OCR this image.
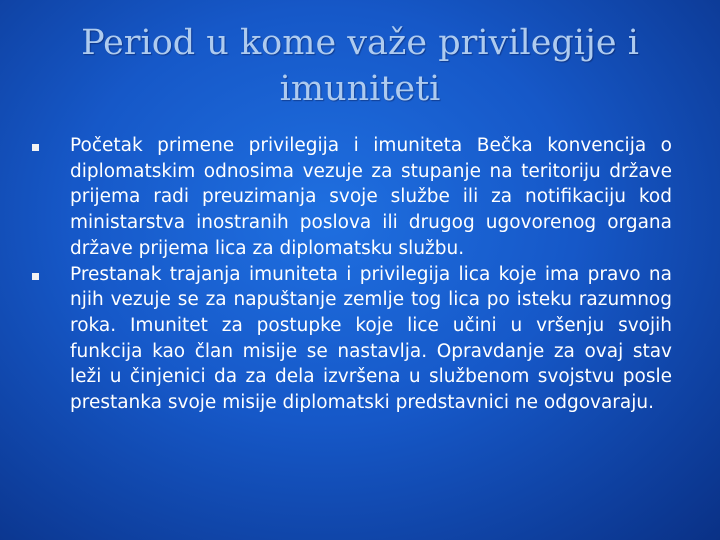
Period u kome važe privilegije i imuniteti
Početak primene privilegija i imuniteta Bečka konvencija o diplomatskim odnosima vezuje za stupanje na teritoriju države prijema radi preuzimanja svoje službe ili za notifikaciju kod ministarstva inostranih poslova ili drugog ugovorenog organa države prijema lica za diplomatsku službu.
Prestanak trajanja imuniteta i privilegija lica koje ima pravo na njih vezuje se za napuštanje zemlje tog lica po isteku razumnog roka. Imunitet za postupke koje lice učini u vršenju svojih funkcija kao član misije se nastavlja. Opravdanje za ovaj stav leži u činjenici da za dela izvršena u službenom svojstvu posle prestanka svoje misije diplomatski predstavnici ne odgovaraju.
